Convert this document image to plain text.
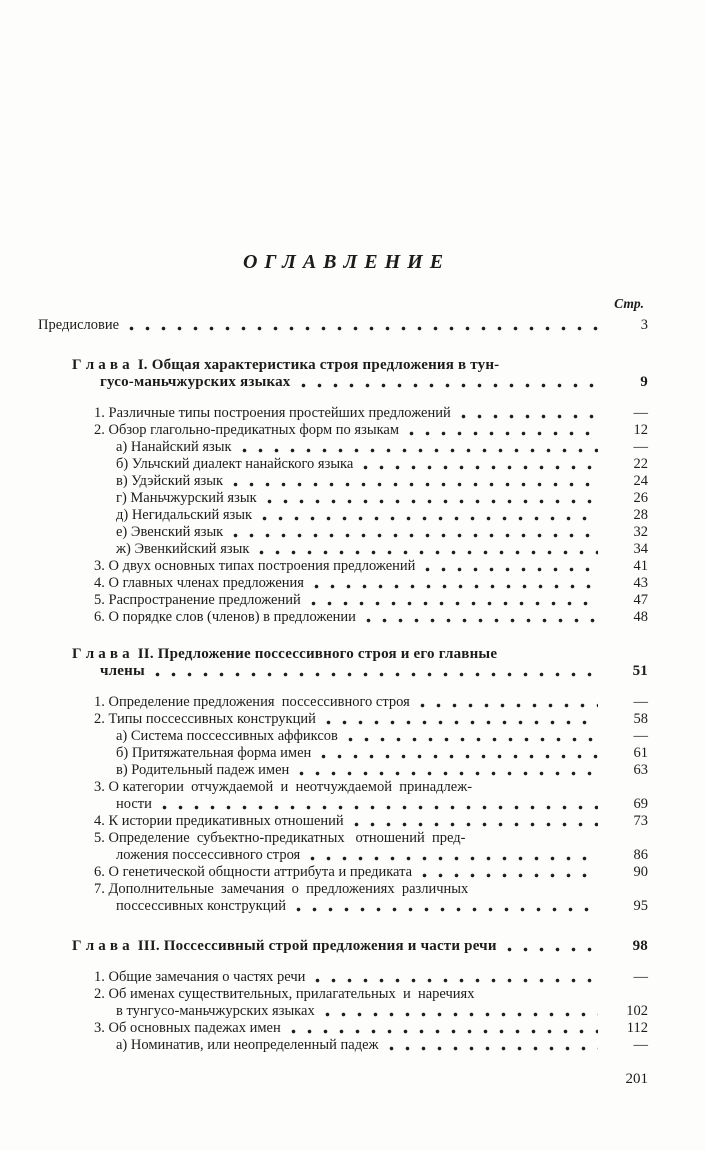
ОГЛАВЛЕНИЕ
Стр.
Предисловие	3
Г л а в а  I. Общая характеристика строя предложения в тун-
гусо-маньчжурских языках	9
1. Различные типы построения простейших предложений	—
2. Обзор глагольно-предикатных форм по языкам	12
а) Нанайский язык	—
б) Ульчский диалект нанайского языка	22
в) Удэйский язык	24
г) Маньчжурский язык	26
д) Негидальский язык	28
е) Эвенский язык	32
ж) Эвенкийский язык	34
3. О двух основных типах построения предложений	41
4. О главных членах предложения	43
5. Распространение предложений	47
6. О порядке слов (членов) в предложении	48
Г л а в а  II. Предложение поссессивного строя и его главные
члены	51
1. Определение предложения  поссессивного строя	—
2. Типы поссессивных конструкций	58
а) Система поссессивных аффиксов	—
б) Притяжательная форма имен	61
в) Родительный падеж имен	63
3. О категории  отчуждаемой  и  неотчуждаемой  принадлеж-
ности	69
4. К истории предикативных отношений	73
5. Определение  субъектно-предикатных   отношений  пред-
ложения поссессивного строя	86
6. О генетической общности аттрибута и предиката	90
7. Дополнительные  замечания  о  предложениях  различных
поссессивных конструкций	95
Г л а в а  III. Поссессивный строй предложения и части речи	98
1. Общие замечания о частях речи	—
2. Об именах существительных, прилагательных  и  наречиях
в тунгусо-маньчжурских языках	102
3. Об основных падежах имен	112
а) Номинатив, или неопределенный падеж	—
201
